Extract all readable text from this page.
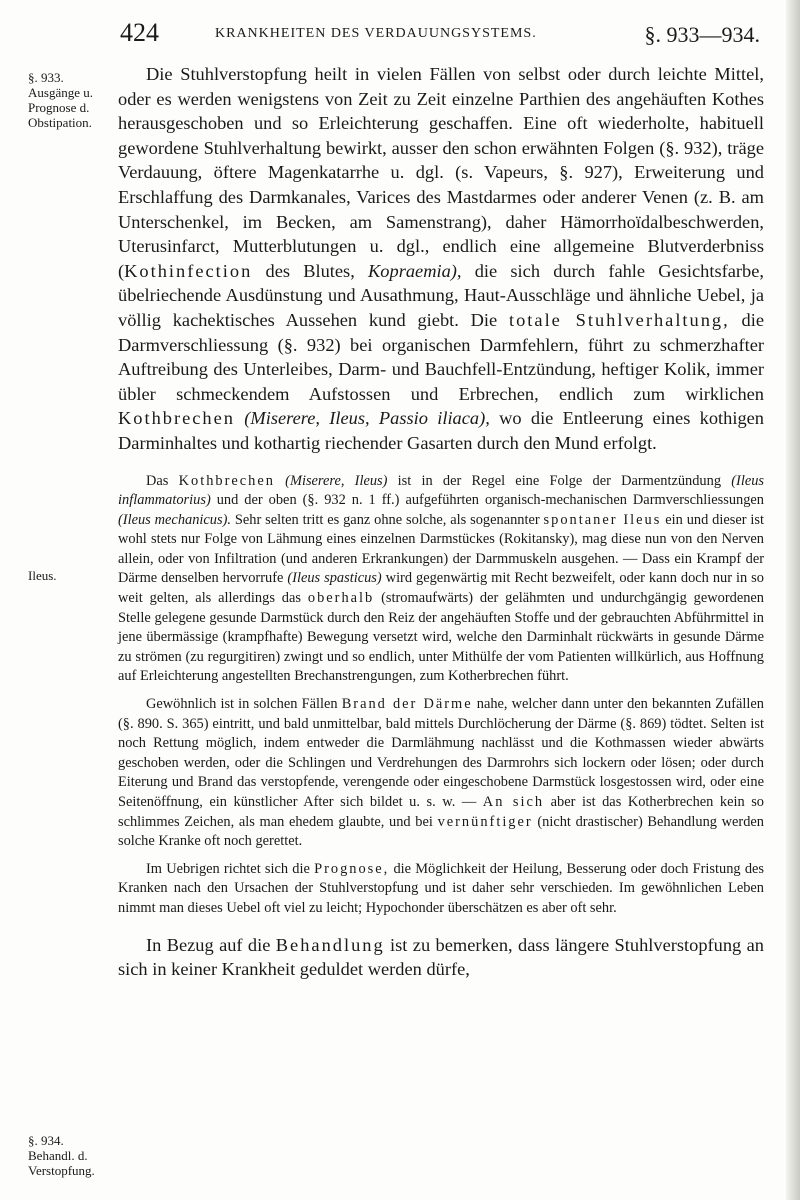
424	KRANKHEITEN DES VERDAUUNGSYSTEMS.	§. 933—934.
§. 933. Ausgänge u. Prognose d. Obstipation.
Ileus.
§. 934. Behandl. d. Verstopfung.

Die Stuhlverstopfung heilt in vielen Fällen von selbst oder durch leichte Mittel, oder es werden wenigstens von Zeit zu Zeit einzelne Parthien des angehäuften Kothes herausgeschoben und so Erleichterung geschaffen. Eine oft wiederholte, habituell gewordene Stuhlverhaltung bewirkt, ausser den schon erwähnten Folgen (§. 932), träge Verdauung, öftere Magenkatarrhe u. dgl. (s. Vapeurs, §. 927), Erweiterung und Erschlaffung des Darmkanales, Varices des Mastdarmes oder anderer Venen (z. B. am Unterschenkel, im Becken, am Samenstrang), daher Hämorrhoïdalbeschwerden, Uterusinfarct, Mutterblutungen u. dgl., endlich eine allgemeine Blutverderbniss (Kothinfection des Blutes, Kopraemia), die sich durch fahle Gesichtsfarbe, übelriechende Ausdünstung und Ausathmung, Haut-Ausschläge und ähnliche Uebel, ja völlig kachektisches Aussehen kund giebt. Die totale Stuhlverhaltung, die Darmverschliessung (§. 932) bei organischen Darmfehlern, führt zu schmerzhafter Auftreibung des Unterleibes, Darm- und Bauchfell-Entzündung, heftiger Kolik, immer übler schmeckendem Aufstossen und Erbrechen, endlich zum wirklichen Kothbrechen (Miserere, Ileus, Passio iliaca), wo die Entleerung eines kothigen Darminhaltes und kothartig riechender Gasarten durch den Mund erfolgt.

Das Kothbrechen (Miserere, Ileus) ist in der Regel eine Folge der Darmentzündung (Ileus inflammatorius) und der oben (§. 932 n. 1 ff.) aufgeführten organisch-mechanischen Darmverschliessungen (Ileus mechanicus). Sehr selten tritt es ganz ohne solche, als sogenannter spontaner Ileus ein und dieser ist wohl stets nur Folge von Lähmung eines einzelnen Darmstückes (Rokitansky), mag diese nun von den Nerven allein, oder von Infiltration (und anderen Erkrankungen) der Darmmuskeln ausgehen. — Dass ein Krampf der Därme denselben hervorrufe (Ileus spasticus) wird gegenwärtig mit Recht bezweifelt, oder kann doch nur in so weit gelten, als allerdings das oberhalb (stromaufwärts) der gelähmten und undurchgängig gewordenen Stelle gelegene gesunde Darmstück durch den Reiz der angehäuften Stoffe und der gebrauchten Abführmittel in jene übermässige (krampfhafte) Bewegung versetzt wird, welche den Darminhalt rückwärts in gesunde Därme zu strömen (zu regurgitiren) zwingt und so endlich, unter Mithülfe der vom Patienten willkürlich, aus Hoffnung auf Erleichterung angestellten Brechanstrengungen, zum Kotherbrechen führt.

Gewöhnlich ist in solchen Fällen Brand der Därme nahe, welcher dann unter den bekannten Zufällen (§. 890. S. 365) eintritt, und bald unmittelbar, bald mittels Durchlöcherung der Därme (§. 869) tödtet. Selten ist noch Rettung möglich, indem entweder die Darmlähmung nachlässt und die Kothmassen wieder abwärts geschoben werden, oder die Schlingen und Verdrehungen des Darmrohrs sich lockern oder lösen; oder durch Eiterung und Brand das verstopfende, verengende oder eingeschobene Darmstück losgestossen wird, oder eine Seitenöffnung, ein künstlicher After sich bildet u. s. w. — An sich aber ist das Kotherbrechen kein so schlimmes Zeichen, als man ehedem glaubte, und bei vernünftiger (nicht drastischer) Behandlung werden solche Kranke oft noch gerettet.

Im Uebrigen richtet sich die Prognose, die Möglichkeit der Heilung, Besserung oder doch Fristung des Kranken nach den Ursachen der Stuhlverstopfung und ist daher sehr verschieden. Im gewöhnlichen Leben nimmt man dieses Uebel oft viel zu leicht; Hypochonder überschätzen es aber oft sehr.

In Bezug auf die Behandlung ist zu bemerken, dass längere Stuhlverstopfung an sich in keiner Krankheit geduldet werden dürfe,
